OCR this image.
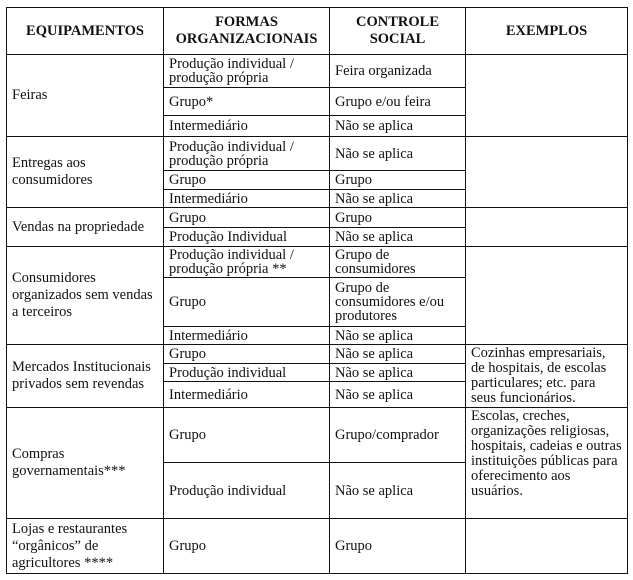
EQUIPAMENTOS	FORMAS ORGANIZACIONAIS	CONTROLE SOCIAL	EXEMPLOS
Feiras	Produção individual / produção própria	Feira organizada	
	Grupo*	Grupo e/ou feira	
	Intermediário	Não se aplica	
Entregas aos consumidores	Produção individual / produção própria	Não se aplica	
	Grupo	Grupo	
	Intermediário	Não se aplica	
Vendas na propriedade	Grupo	Grupo	
	Produção Individual	Não se aplica	
Consumidores organizados sem vendas a terceiros	Produção individual / produção própria **	Grupo de consumidores	
	Grupo	Grupo de consumidores e/ou produtores	
	Intermediário	Não se aplica	
Mercados Institucionais privados sem revendas	Grupo	Não se aplica	Cozinhas empresariais, de hospitais, de escolas particulares; etc. para seus funcionários.
	Produção individual	Não se aplica	
	Intermediário	Não se aplica	
Compras governamentais***	Grupo	Grupo/comprador	Escolas, creches, organizações religiosas, hospitais, cadeias e outras instituições públicas para oferecimento aos usuários.
	Produção individual	Não se aplica	
Lojas e restaurantes “orgânicos” de agricultores ****	Grupo	Grupo	
